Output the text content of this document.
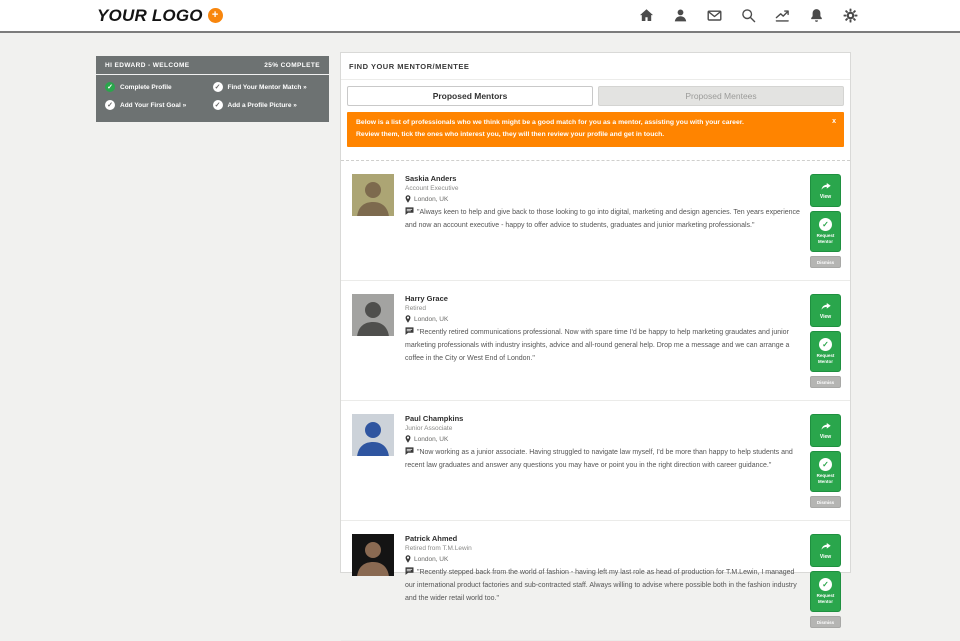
YOUR LOGO +
HI EDWARD - WELCOME	25% COMPLETE
✓	Complete Profile	✓	Find Your Mentor Match »
✓	Add Your First Goal »	✓	Add a Profile Picture »
FIND YOUR MENTOR/MENTEE
Proposed Mentors	Proposed Mentees
Below is a list of professionals who we think might be a good match for you as a mentor, assisting you with your career.
Review them, tick the ones who interest you, they will then review your profile and get in touch.
x
Saskia Anders
Account Executive
London, UK
"Always keen to help and give back to those looking to go into digital, marketing and design agencies. Ten years experience and now an account executive - happy to offer advice to students, graduates and junior marketing professionals."
View
✓
Request
Mentor
Dismiss
Harry Grace
Retired
London, UK
"Recently retired communications professional. Now with spare time I'd be happy to help marketing graudates and junior marketing professionals with industry insights, advice and all-round general help. Drop me a message and we can arrange a coffee in the City or West End of London."
View
✓
Request
Mentor
Dismiss
Paul Champkins
Junior Associate
London, UK
"Now working as a junior associate. Having struggled to navigate law myself, I'd be more than happy to help students and recent law graduates and answer any questions you may have or point you in the right direction with career guidance."
View
✓
Request
Mentor
Dismiss
Patrick Ahmed
Retired from T.M.Lewin
London, UK
"Recently stepped back from the world of fashion - having left my last role as head of production for T.M.Lewin, I managed our international product factories and sub-contracted staff. Always willing to advise where possible both in the fashion industry and the wider retail world too."
View
✓
Request
Mentor
Dismiss
